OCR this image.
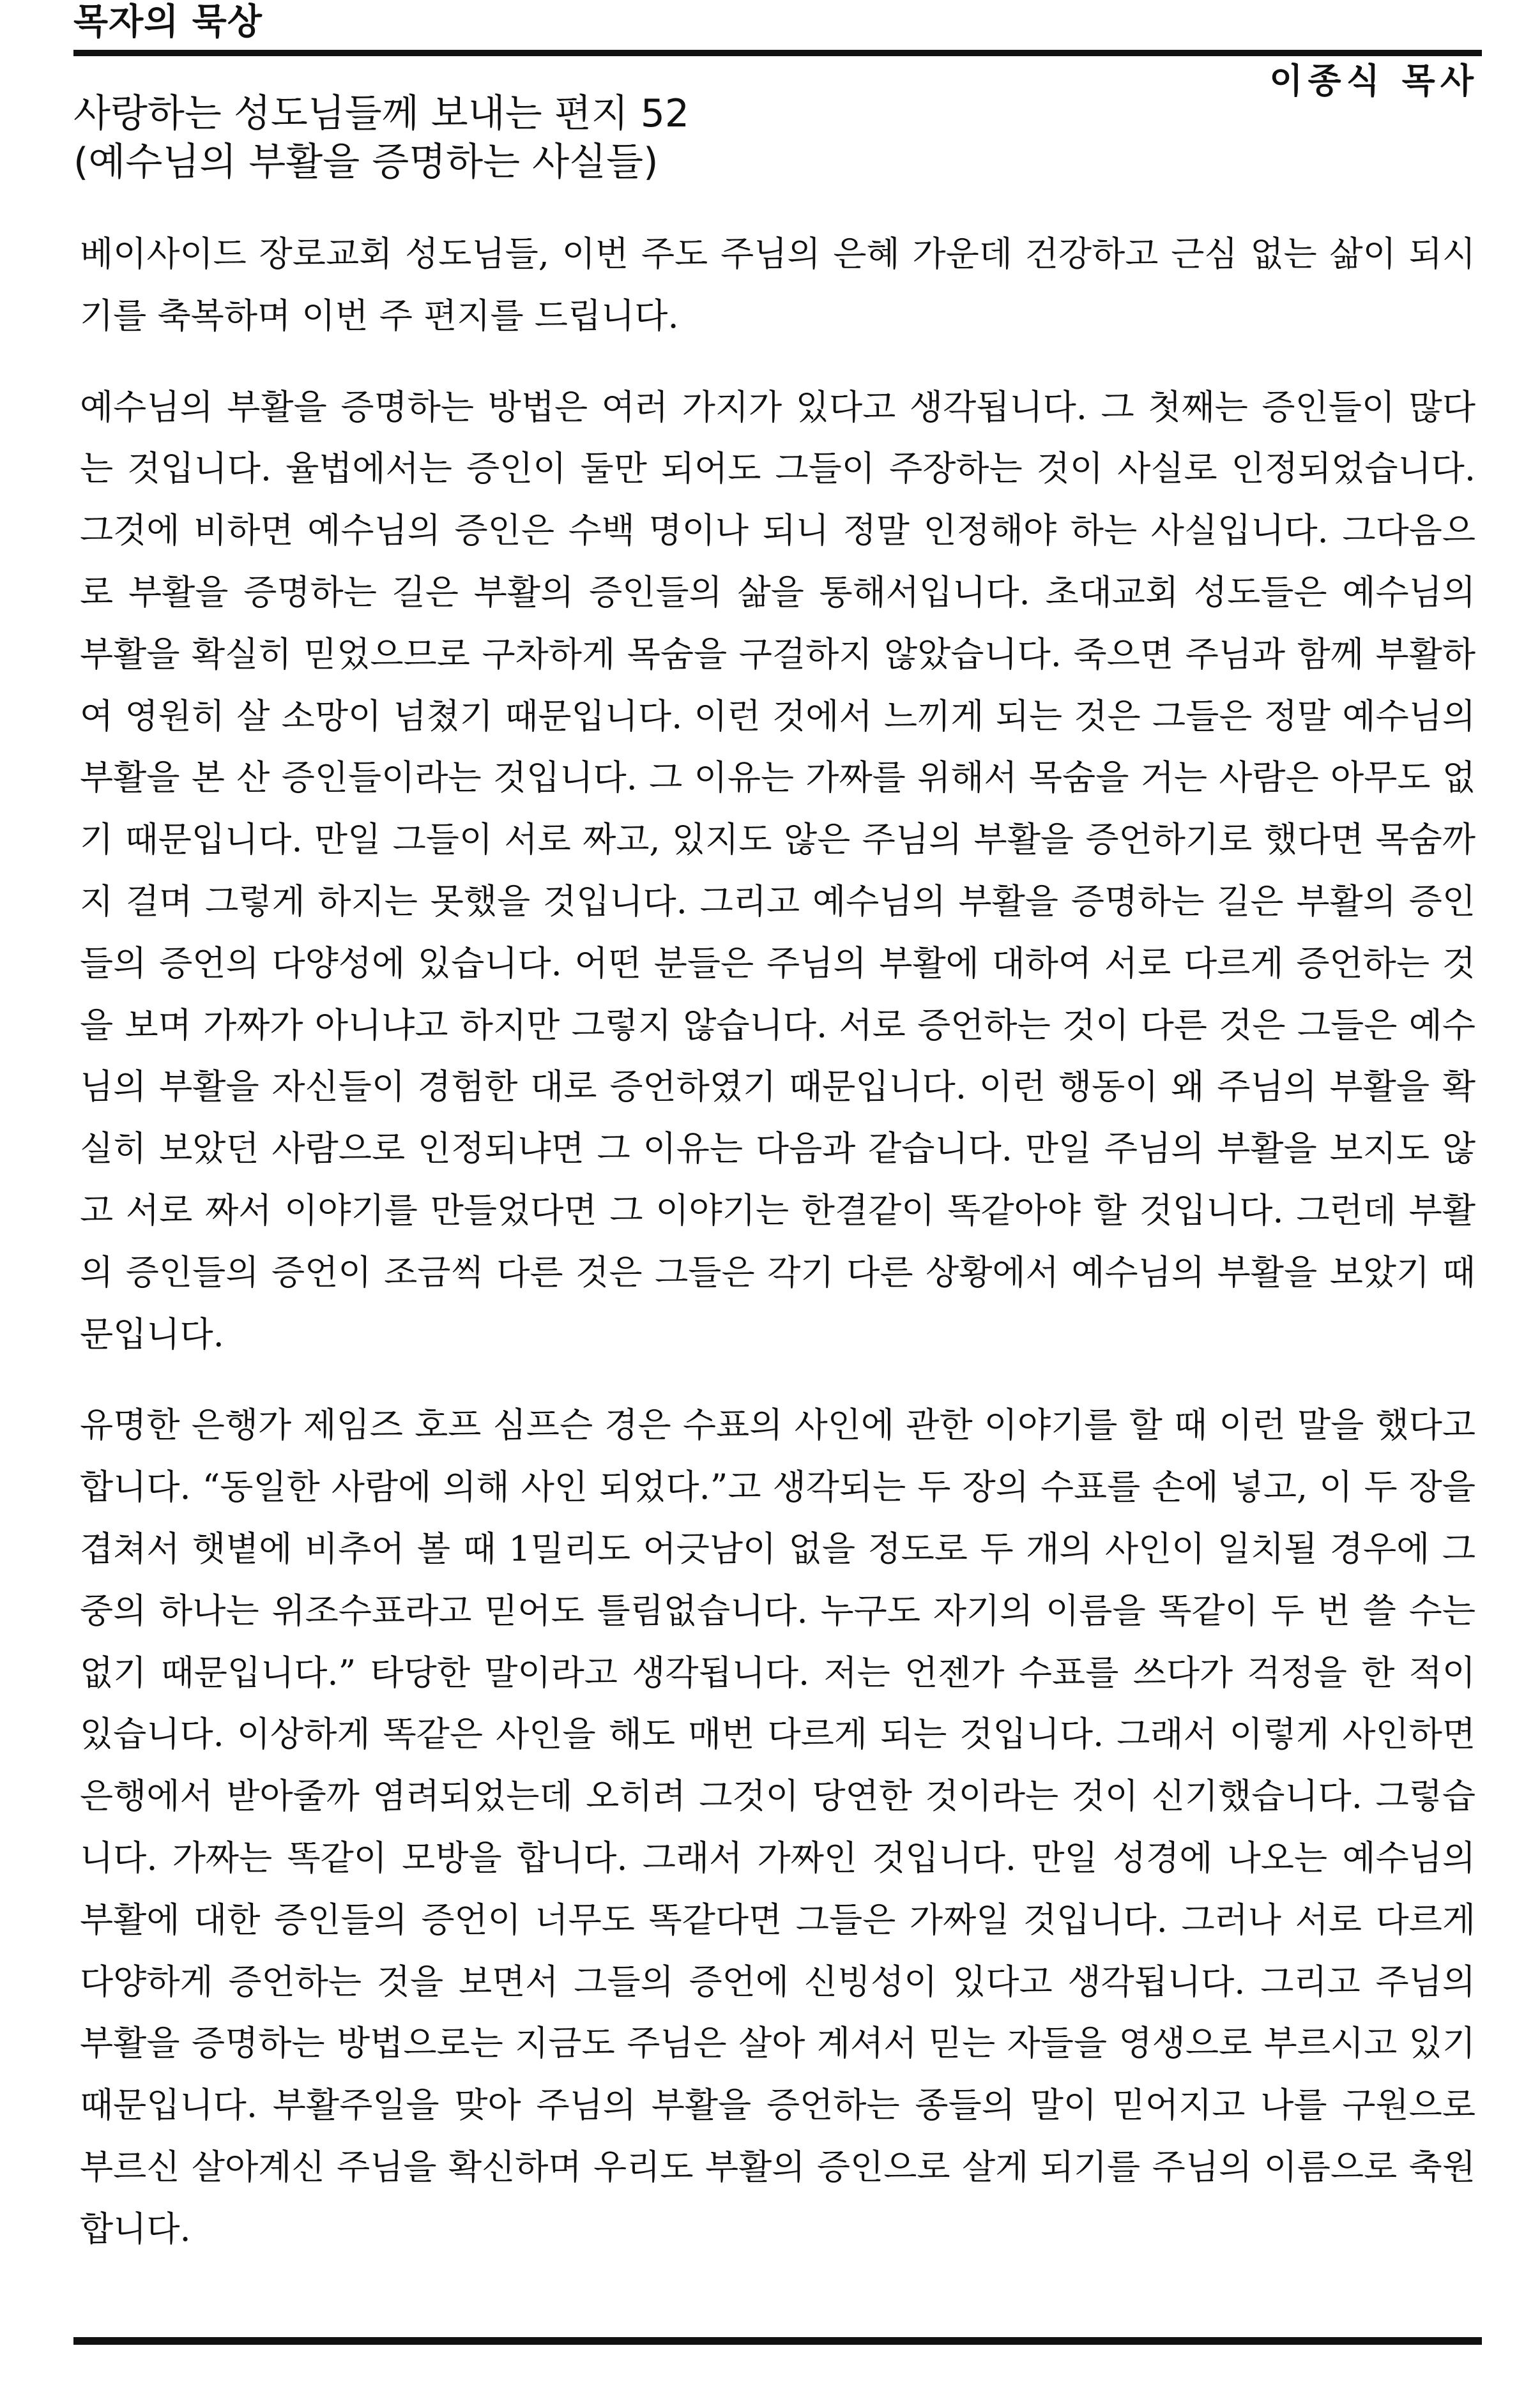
목자의 묵상
이종식 목사
사랑하는 성도님들께 보내는 편지 52
(예수님의 부활을 증명하는 사실들)

베이사이드 장로교회 성도님들, 이번 주도 주님의 은혜 가운데 건강하고 근심 없는 삶이 되시기를 축복하며 이번 주 편지를 드립니다.

예수님의 부활을 증명하는 방법은 여러 가지가 있다고 생각됩니다. 그 첫째는 증인들이 많다는 것입니다. 율법에서는 증인이 둘만 되어도 그들이 주장하는 것이 사실로 인정되었습니다. 그것에 비하면 예수님의 증인은 수백 명이나 되니 정말 인정해야 하는 사실입니다. 그다음으로 부활을 증명하는 길은 부활의 증인들의 삶을 통해서입니다. 초대교회 성도들은 예수님의 부활을 확실히 믿었으므로 구차하게 목숨을 구걸하지 않았습니다. 죽으면 주님과 함께 부활하여 영원히 살 소망이 넘쳤기 때문입니다. 이런 것에서 느끼게 되는 것은 그들은 정말 예수님의 부활을 본 산 증인들이라는 것입니다. 그 이유는 가짜를 위해서 목숨을 거는 사람은 아무도 없기 때문입니다. 만일 그들이 서로 짜고, 있지도 않은 주님의 부활을 증언하기로 했다면 목숨까지 걸며 그렇게 하지는 못했을 것입니다. 그리고 예수님의 부활을 증명하는 길은 부활의 증인들의 증언의 다양성에 있습니다. 어떤 분들은 주님의 부활에 대하여 서로 다르게 증언하는 것을 보며 가짜가 아니냐고 하지만 그렇지 않습니다. 서로 증언하는 것이 다른 것은 그들은 예수님의 부활을 자신들이 경험한 대로 증언하였기 때문입니다. 이런 행동이 왜 주님의 부활을 확실히 보았던 사람으로 인정되냐면 그 이유는 다음과 같습니다. 만일 주님의 부활을 보지도 않고 서로 짜서 이야기를 만들었다면 그 이야기는 한결같이 똑같아야 할 것입니다. 그런데 부활의 증인들의 증언이 조금씩 다른 것은 그들은 각기 다른 상황에서 예수님의 부활을 보았기 때문입니다.

유명한 은행가 제임즈 호프 심프슨 경은 수표의 사인에 관한 이야기를 할 때 이런 말을 했다고 합니다. “동일한 사람에 의해 사인 되었다.”고 생각되는 두 장의 수표를 손에 넣고, 이 두 장을 겹쳐서 햇볕에 비추어 볼 때 1밀리도 어긋남이 없을 정도로 두 개의 사인이 일치될 경우에 그중의 하나는 위조수표라고 믿어도 틀림없습니다. 누구도 자기의 이름을 똑같이 두 번 쓸 수는 없기 때문입니다.” 타당한 말이라고 생각됩니다. 저는 언젠가 수표를 쓰다가 걱정을 한 적이 있습니다. 이상하게 똑같은 사인을 해도 매번 다르게 되는 것입니다. 그래서 이렇게 사인하면 은행에서 받아줄까 염려되었는데 오히려 그것이 당연한 것이라는 것이 신기했습니다. 그렇습니다. 가짜는 똑같이 모방을 합니다. 그래서 가짜인 것입니다. 만일 성경에 나오는 예수님의 부활에 대한 증인들의 증언이 너무도 똑같다면 그들은 가짜일 것입니다. 그러나 서로 다르게 다양하게 증언하는 것을 보면서 그들의 증언에 신빙성이 있다고 생각됩니다. 그리고 주님의 부활을 증명하는 방법으로는 지금도 주님은 살아 계셔서 믿는 자들을 영생으로 부르시고 있기 때문입니다. 부활주일을 맞아 주님의 부활을 증언하는 종들의 말이 믿어지고 나를 구원으로 부르신 살아계신 주님을 확신하며 우리도 부활의 증인으로 살게 되기를 주님의 이름으로 축원합니다.
